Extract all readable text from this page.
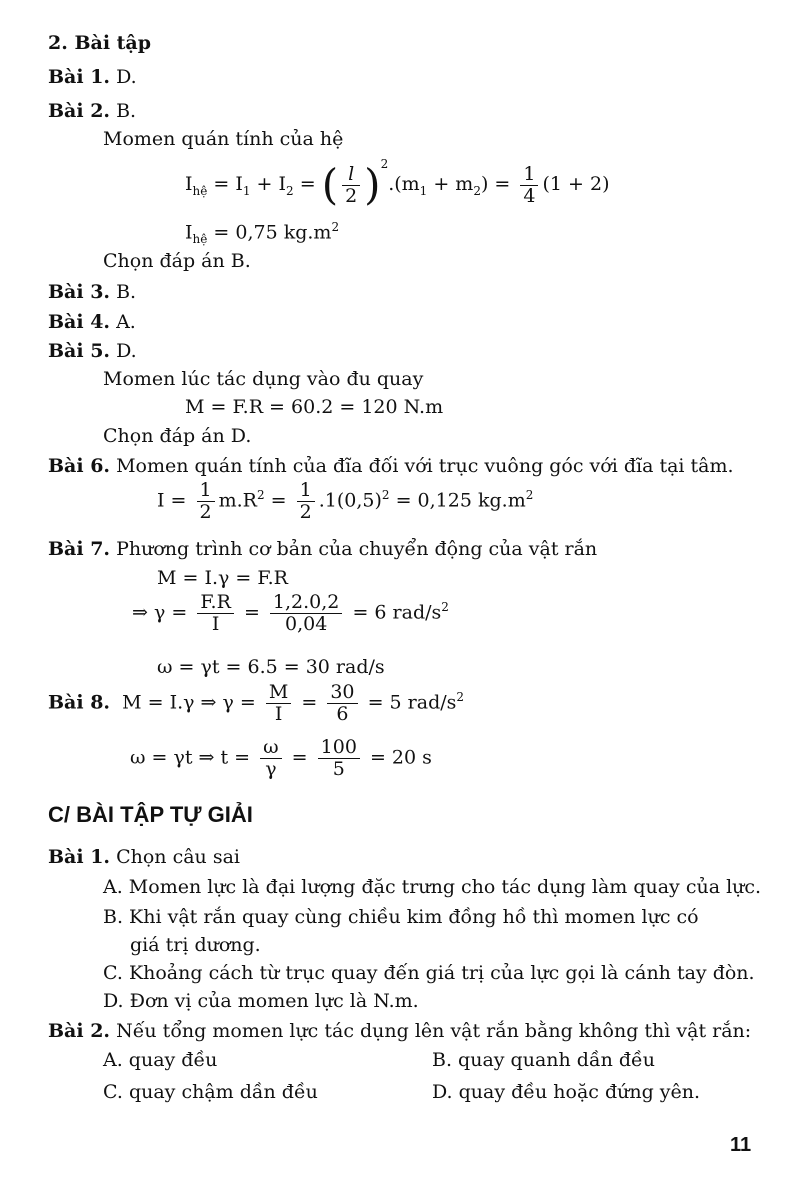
2. Bài tập
Bài 1. D.
Bài 2. B.
Momen quán tính của hệ
$I_{hệ} = I_1 + I_2$ = ( $\frac{l}{2} )^2.(m_1 + m_2) = \frac{1}{4} (1 + 2)$
$I_{hệ} = 0,75$ $kg.m^2$
Chọn đáp án B.
Bài 3. B.
Bài 4. A.
Bài 5. D.
Momen lúc tác dụng vào đu quay
M = F.R = 60.2 = 120 N.m
Chọn đáp án D.
Bài 6. Momen quán tính của đĩa đối với trục vuông góc với đĩa tại tâm.
$I = \frac{1}{2} m.R^2 = \frac{1}{2} .1(0,5)^2 = 0,125$ $kg.m^2$
Bài 7. Phương trình cơ bản của chuyển động của vật rắn
M = I.γ = F.R
⇒ $\gamma = \frac{F.R}{I} = \frac{1,2.0,2}{0,04} = 6$ rad/$s^2$
ω = γt = 6.5 = 30 rad/s
Bài 8. M = I.γ ⇒ $\gamma = \frac{M}{I} = \frac{30}{6} = 5$ rad/$s^2$
ω = γt ⇒ $t = \frac{\omega}{\gamma} = \frac{100}{5} = 20$ s
C/ BÀI TẬP TỰ GIẢI
Bài 1. Chọn câu sai
A. Momen lực là đại lượng đặc trưng cho tác dụng làm quay của lực.
B. Khi vật rắn quay cùng chiều kim đồng hồ thì momen lực có
giá trị dương.
C. Khoảng cách từ trục quay đến giá trị của lực gọi là cánh tay đòn.
D. Đơn vị của momen lực là N.m.
Bài 2. Nếu tổng momen lực tác dụng lên vật rắn bằng không thì vật rắn:
A. quay đều	B. quay quanh dần đều
C. quay chậm dần đều	D. quay đều hoặc đứng yên.
11
